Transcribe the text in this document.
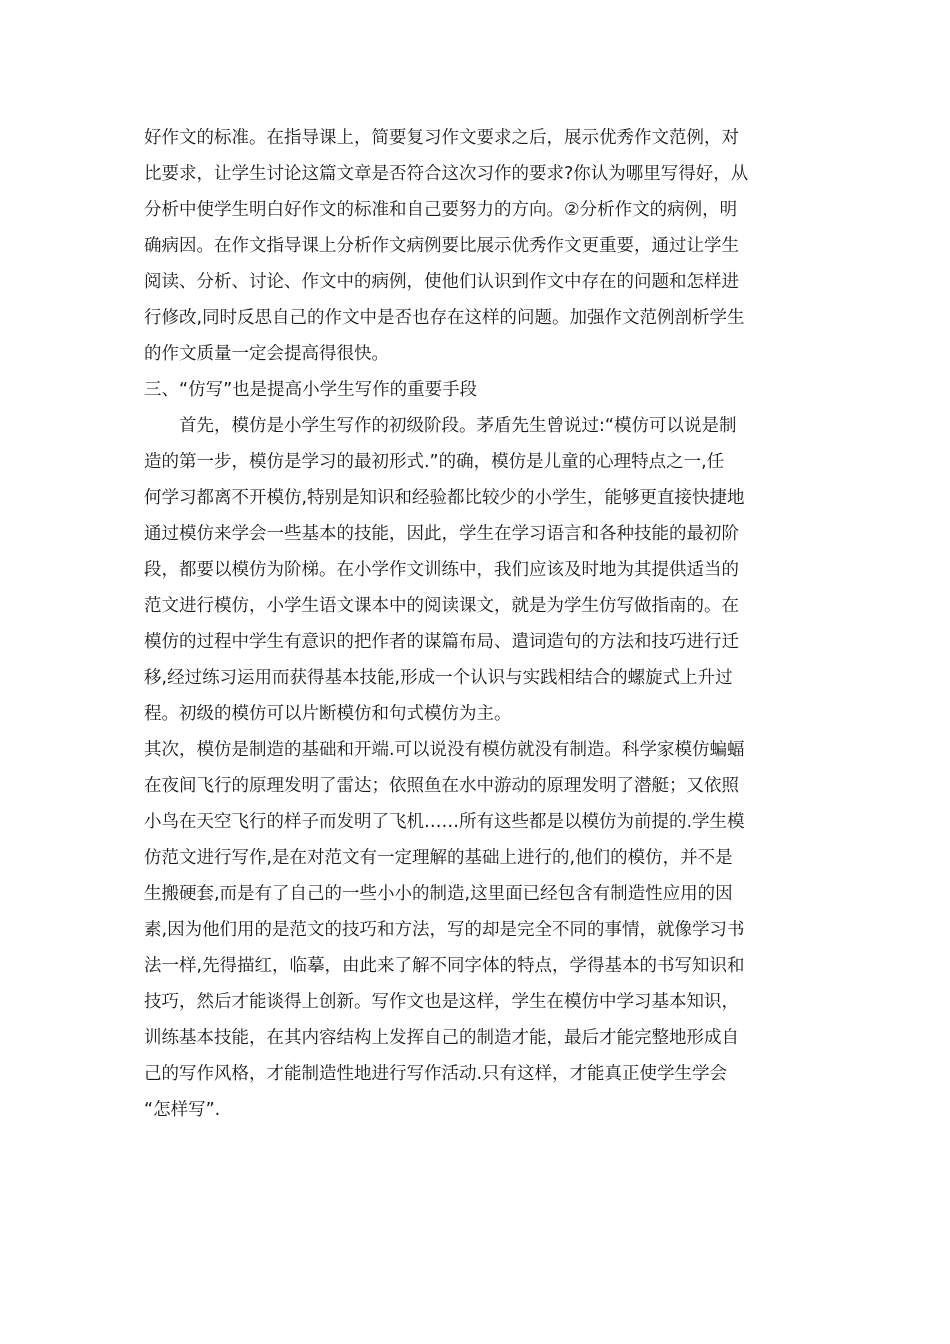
好作文的标准。在指导课上，简要复习作文要求之后，展示优秀作文范例，对
比要求，让学生讨论这篇文章是否符合这次习作的要求?你认为哪里写得好，从
分析中使学生明白好作文的标准和自己要努力的方向。②分析作文的病例，明
确病因。在作文指导课上分析作文病例要比展示优秀作文更重要，通过让学生
阅读、分析、讨论、作文中的病例，使他们认识到作文中存在的问题和怎样进
行修改,同时反思自己的作文中是否也存在这样的问题。加强作文范例剖析学生
的作文质量一定会提高得很快。
三、“仿写”也是提高小学生写作的重要手段
　　首先，模仿是小学生写作的初级阶段。茅盾先生曾说过:“模仿可以说是制
造的第一步，模仿是学习的最初形式.”的确，模仿是儿童的心理特点之一,任
何学习都离不开模仿,特别是知识和经验都比较少的小学生，能够更直接快捷地
通过模仿来学会一些基本的技能，因此，学生在学习语言和各种技能的最初阶
段，都要以模仿为阶梯。在小学作文训练中，我们应该及时地为其提供适当的
范文进行模仿，小学生语文课本中的阅读课文，就是为学生仿写做指南的。在
模仿的过程中学生有意识的把作者的谋篇布局、遣词造句的方法和技巧进行迁
移,经过练习运用而获得基本技能,形成一个认识与实践相结合的螺旋式上升过
程。初级的模仿可以片断模仿和句式模仿为主。
其次，模仿是制造的基础和开端.可以说没有模仿就没有制造。科学家模仿蝙蝠
在夜间飞行的原理发明了雷达；依照鱼在水中游动的原理发明了潜艇；又依照
小鸟在天空飞行的样子而发明了飞机……所有这些都是以模仿为前提的.学生模
仿范文进行写作,是在对范文有一定理解的基础上进行的,他们的模仿，并不是
生搬硬套,而是有了自己的一些小小的制造,这里面已经包含有制造性应用的因
素,因为他们用的是范文的技巧和方法，写的却是完全不同的事情，就像学习书
法一样,先得描红，临摹，由此来了解不同字体的特点，学得基本的书写知识和
技巧，然后才能谈得上创新。写作文也是这样，学生在模仿中学习基本知识，
训练基本技能，在其内容结构上发挥自己的制造才能，最后才能完整地形成自
己的写作风格，才能制造性地进行写作活动.只有这样，才能真正使学生学会
“怎样写”.
